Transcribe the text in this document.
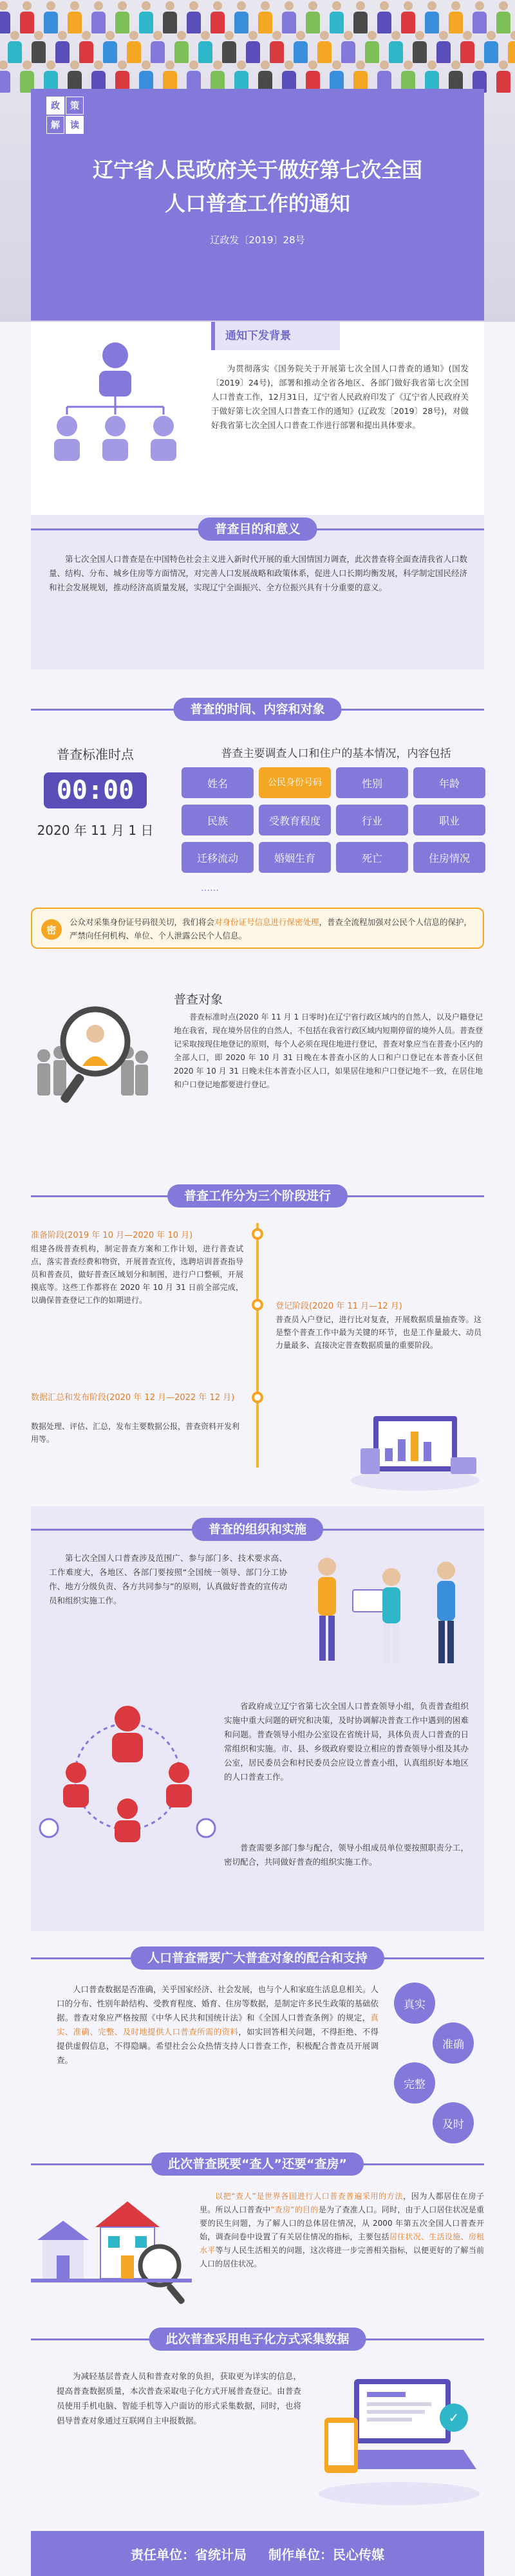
政	策
解	读
辽宁省人民政府关于做好第七次全国
人口普查工作的通知
辽政发〔2019〕28号
通知下发背景
为贯彻落实《国务院关于开展第七次全国人口普查的通知》(国发〔2019〕24号)，部署和推动全省各地区、各部门做好我省第七次全国人口普查工作，12月31日，辽宁省人民政府印发了《辽宁省人民政府关于做好第七次全国人口普查工作的通知》(辽政发〔2019〕28号)，对做好我省第七次全国人口普查工作进行部署和提出具体要求。
普查目的和意义
第七次全国人口普查是在中国特色社会主义进入新时代开展的重大国情国力调查，此次普查将全面查清我省人口数量、结构、分布、城乡住房等方面情况，对完善人口发展战略和政策体系，促进人口长期均衡发展，科学制定国民经济和社会发展规划，推动经济高质量发展，实现辽宁全面振兴、全方位振兴具有十分重要的意义。
普查的时间、内容和对象
普查标准时点
00:00
2020 年 11 月 1 日
普查主要调查人口和住户的基本情况，内容包括
姓名	公民身份号码	性别	年龄
民族	受教育程度	行业	职业
迁移流动	婚姻生育	死亡	住房情况
……
密
公众对采集身份证号码很关切，我们将会对身份证号信息进行保密处理，普查全流程加强对公民个人信息的保护，严禁向任何机构、单位、个人泄露公民个人信息。
普查对象
普查标准时点(2020 年 11 月 1 日零时)在辽宁省行政区域内的自然人，以及户籍登记地在我省，现在境外居住的自然人，不包括在我省行政区域内短期停留的境外人员。普查登记采取按现住地登记的原则，每个人必须在现住地进行登记，普查对象应当在普查小区内的全部人口，即 2020 年 10 月 31 日晚在本普查小区的人口和户口登记在本普查小区但 2020 年 10 月 31 日晚未住本普查小区人口，如果居住地和户口登记地不一致，在居住地和户口登记地都要进行登记。
普查工作分为三个阶段进行
准备阶段(2019 年 10 月—2020 年 10 月)
组建各级普查机构，制定普查方案和工作计划，进行普查试点，落实普查经费和物资，开展普查宣传，选聘培训普查指导员和普查员，做好普查区域划分和制图，进行户口整顿，开展摸底等。这些工作都将在 2020 年 10 月 31 日前全部完成，以确保普查登记工作的如期进行。
登记阶段(2020 年 11 月—12 月)
普查员入户登记，进行比对复查，开展数据质量抽查等。这是整个普查工作中最为关键的环节，也是工作量最大、动员力量最多、直接决定普查数据质量的重要阶段。
数据汇总和发布阶段(2020 年 12 月—2022 年 12 月)
数据处理、评估、汇总，发布主要数据公报，普查资料开发利用等。
普查的组织和实施
第七次全国人口普查涉及范围广、参与部门多、技术要求高、工作难度大，各地区、各部门要按照“全国统一领导、部门分工协作、地方分级负责、各方共同参与”的原则，认真做好普查的宣传动员和组织实施工作。
省政府成立辽宁省第七次全国人口普查领导小组，负责普查组织实施中重大问题的研究和决策，及时协调解决普查工作中遇到的困难和问题。普查领导小组办公室设在省统计局，具体负责人口普查的日常组织和实施。市、县、乡级政府要设立相应的普查领导小组及其办公室，居民委员会和村民委员会应设立普查小组，认真组织好本地区的人口普查工作。
普查需要多部门参与配合，领导小组成员单位要按照职责分工，密切配合，共同做好普查的组织实施工作。
人口普查需要广大普查对象的配合和支持
人口普查数据是否准确，关乎国家经济、社会发展，也与个人和家庭生活息息相关。人口的分布、性别年龄结构、受教育程度、婚育、住房等数据，是制定许多民生政策的基础依据。普查对象应严格按照《中华人民共和国统计法》和《全国人口普查条例》的规定，真实、准确、完整、及时地提供人口普查所需的资料，如实回答相关问题，不得拒绝、不得提供虚假信息，不得隐瞒。希望社会公众热情支持人口普查工作，积极配合普查员开展调查。
真实
准确
完整
及时
此次普查既要“查人”还要“查房”
以把“查人”是世界各国进行人口普查普遍采用的方法，因为人都居住在房子里。所以人口普查中“查房”的目的是为了查准人口。同时，由于人口居住状况是重要的民生问题，为了解人口的总体居住情况，从 2000 年第五次全国人口普查开始，调查问卷中设置了有关居住情况的指标，主要包括居住状况、生活设施、房租水平等与人民生活相关的问题，这次将进一步完善相关指标，以便更好的了解当前人口的居住状况。
此次普查采用电子化方式采集数据
为减轻基层普查人员和普查对象的负担，获取更为详实的信息，提高普查数据质量，本次普查采取电子化方式开展普查登记。由普查员使用手机电脑、智能手机等入户面访的形式采集数据，同时，也将倡导普查对象通过互联网自主申报数据。	✓
责任单位：省统计局 制作单位：民心传媒
